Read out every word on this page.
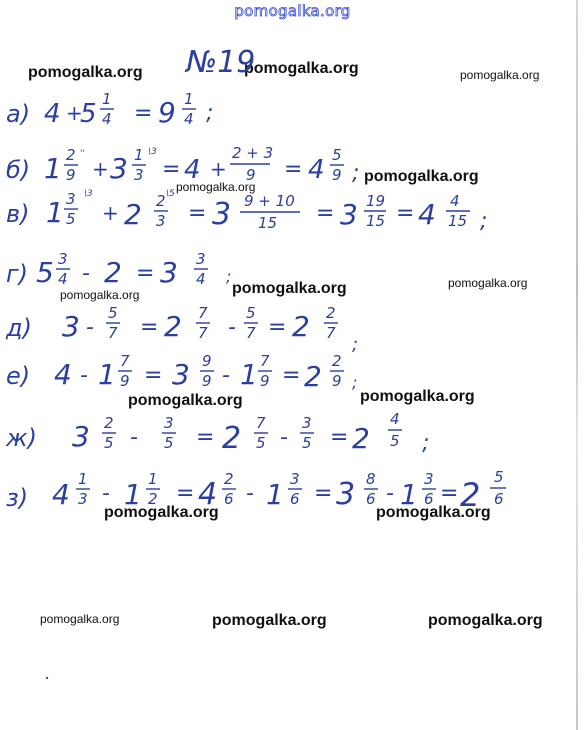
pomogalka.org
pomogalka.org	pomogalka.org	pomogalka.org
pomogalka.org
pomogalka.org
pomogalka.org	pomogalka.org
pomogalka.org
pomogalka.org	pomogalka.org
pomogalka.org	pomogalka.org
pomogalka.org	pomogalka.org	pomogalka.org
№19
а) 4 +
5 1
4 = 9 1
4 ;
б) 1 2
9
''
+ 3 1
3
\3
= 4 +
2 + 3
9 = 4 5
9 ;
в) 1 3
5
\3
+ 2 2
3
\5
= 3 9 + 10
15 = 3 19
15 = 4 4
15 ;
г) 5 3
4 - 2 = 3 3
4 ;
д) 3 -
5
7 = 2 7
7 -
5
7 = 2 2
7
;
е) 4 - 1 7
9 = 3 9
9 - 1 7
9 = 2 2
9 ;
ж) 3 2
5 -
3
5 = 2 7
5 -
3
5 = 2
4
5 ;
з) 4 1
3 - 1 1
2 = 4 2
6 - 1 3
6 = 3 8
6 - 1 3
6 = 2 5
6
